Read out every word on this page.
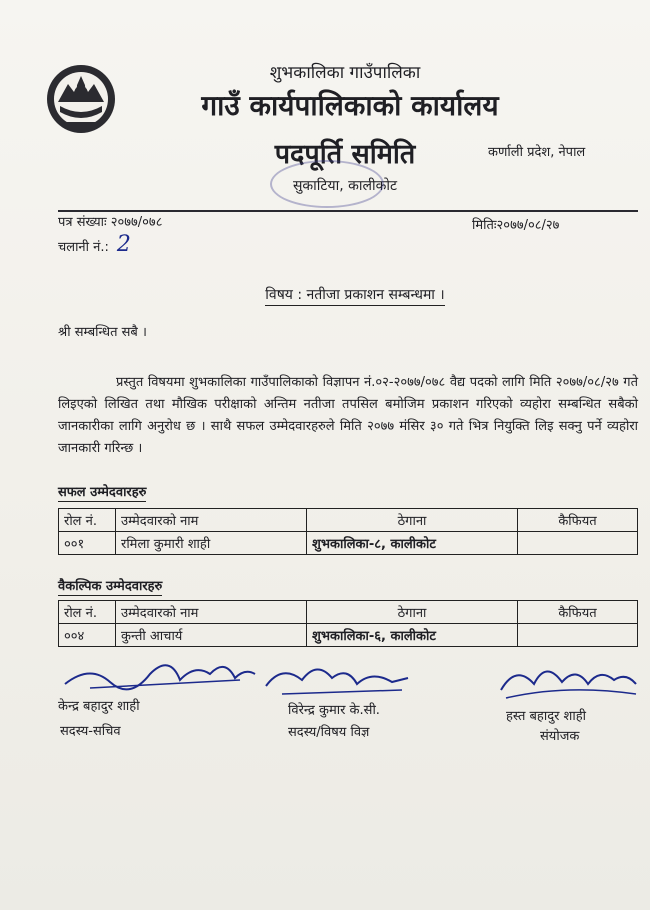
शुभकालिका गाउँपालिका
गाउँ कार्यपालिकाको कार्यालय
पदपूर्ति समिति
सुकाटिया, कालीकोट
कर्णाली प्रदेश, नेपाल
पत्र संख्याः २०७७/०७८
चलानी नं.: 2
मितिः२०७७/०८/२७
विषय : नतीजा प्रकाशन सम्बन्धमा ।
श्री सम्बन्धित सबै ।
प्रस्तुत विषयमा शुभकालिका गाउँपालिकाको विज्ञापन नं.०२-२०७७/०७८ वैद्य पदको लागि मिति २०७७/०८/२७ गते लिइएको लिखित तथा मौखिक परीक्षाको अन्तिम नतीजा तपसिल बमोजिम प्रकाशन गरिएको व्यहोरा सम्बन्धित सबैको जानकारीका लागि अनुरोध छ । साथै सफल उम्मेदवारहरुले मिति २०७७ मंसिर ३० गते भित्र नियुक्ति लिइ सक्नु पर्ने व्यहोरा जानकारी गरिन्छ ।
सफल उम्मेदवारहरु
रोल नं.	उम्मेदवारको नाम	ठेगाना	कैफियत
००१	रमिला कुमारी शाही	शुभकालिका-८, कालीकोट	
वैकल्पिक उम्मेदवारहरु
रोल नं.	उम्मेदवारको नाम	ठेगाना	कैफियत
००४	कुन्ती आचार्य	शुभकालिका-६, कालीकोट	
केन्द्र बहादुर शाही
सदस्य-सचिव
विरेन्द्र कुमार के.सी.
सदस्य/विषय विज्ञ
हस्त बहादुर शाही
संयोजक
